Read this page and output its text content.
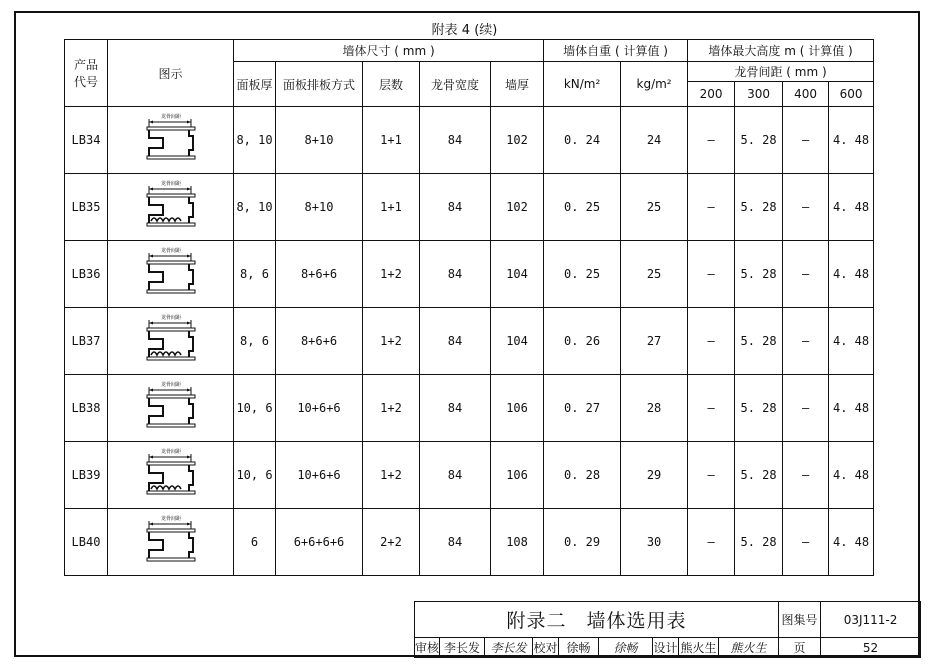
附表 4 (续)
产品
代号	图示	墙体尺寸 ( mm )					墙体自重 ( 计算值 )		墙体最大高度 m ( 计算值 )			
		面板厚	面板排板方式	层数	龙骨宽度	墙厚	kN/m²	kg/m²	龙骨间距 ( mm )			
									200	300	400	600
LB34	龙骨间距	8, 10	8+10	1+1	84	102	0. 24	24	–	5. 28	–	4. 48
LB35	龙骨间距	8, 10	8+10	1+1	84	102	0. 25	25	–	5. 28	–	4. 48
LB36	龙骨间距	8, 6	8+6+6	1+2	84	104	0. 25	25	–	5. 28	–	4. 48
LB37	龙骨间距	8, 6	8+6+6	1+2	84	104	0. 26	27	–	5. 28	–	4. 48
LB38	龙骨间距	10, 6	10+6+6	1+2	84	106	0. 27	28	–	5. 28	–	4. 48
LB39	龙骨间距	10, 6	10+6+6	1+2	84	106	0. 28	29	–	5. 28	–	4. 48
LB40	龙骨间距	6	6+6+6+6	2+2	84	108	0. 29	30	–	5. 28	–	4. 48
附录二　墙体选用表									图集号	03J111-2
审核	李长发	李长发	校对	徐畅	徐畅	设计	熊火生	熊火生	页	52
